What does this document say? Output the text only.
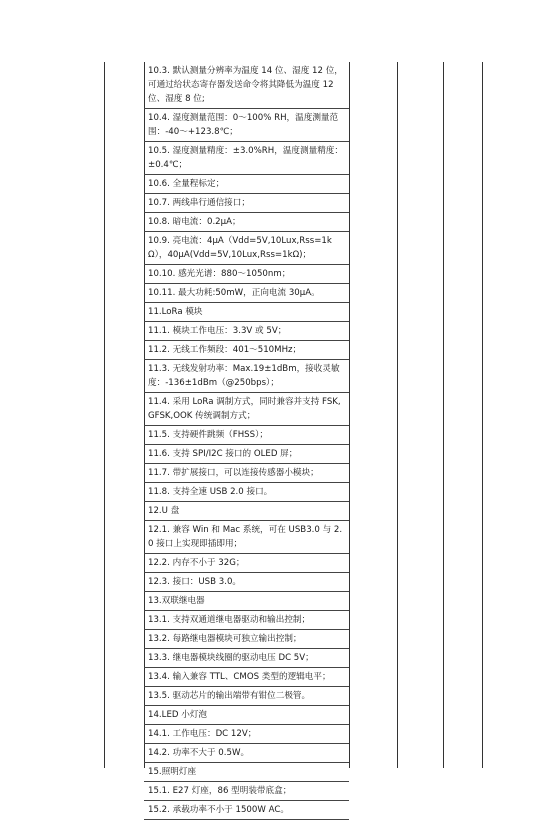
10.3. 默认测量分辨率为温度 14 位、湿度 12 位，可通过给状态寄存器发送命令将其降低为温度 12 位、湿度 8 位;
10.4. 湿度测量范围：0～100% RH，温度测量范围：-40～+123.8℃；
10.5. 湿度测量精度：±3.0%RH，温度测量精度：±0.4℃；
10.6. 全量程标定；
10.7. 两线串行通信接口；
10.8. 暗电流：0.2μA；
10.9. 亮电流：4μA（Vdd=5V,10Lux,Rss=1kΩ），40μA(Vdd=5V,10Lux,Rss=1kΩ)；
10.10. 感光光谱：880～1050nm；
10.11. 最大功耗:50mW，正向电流 30μA。
11.LoRa 模块
11.1. 模块工作电压：3.3V 或 5V；
11.2. 无线工作频段：401～510MHz；
11.3. 无线发射功率：Max.19±1dBm，接收灵敏度：-136±1dBm（@250bps）；
11.4. 采用 LoRa 调制方式，同时兼容并支持 FSK,GFSK,OOK 传统调制方式；
11.5. 支持硬件跳频（FHSS）；
11.6. 支持 SPI/I2C 接口的 OLED 屏；
11.7. 带扩展接口，可以连接传感器小模块；
11.8. 支持全速 USB 2.0 接口。
12.U 盘
12.1. 兼容 Win 和 Mac 系统，可在 USB3.0 与 2.0 接口上实现即插即用；
12.2. 内存不小于 32G；
12.3. 接口：USB 3.0。
13.双联继电器
13.1. 支持双通道继电器驱动和输出控制；
13.2. 每路继电器模块可独立输出控制；
13.3. 继电器模块线圈的驱动电压 DC 5V；
13.4. 输入兼容 TTL、CMOS 类型的逻辑电平；
13.5. 驱动芯片的输出端带有钳位二极管。
14.LED 小灯泡
14.1. 工作电压：DC 12V；
14.2. 功率不大于 0.5W。
15.照明灯座
15.1. E27 灯座，86 型明装带底盒；
15.2. 承载功率不小于 1500W AC。
